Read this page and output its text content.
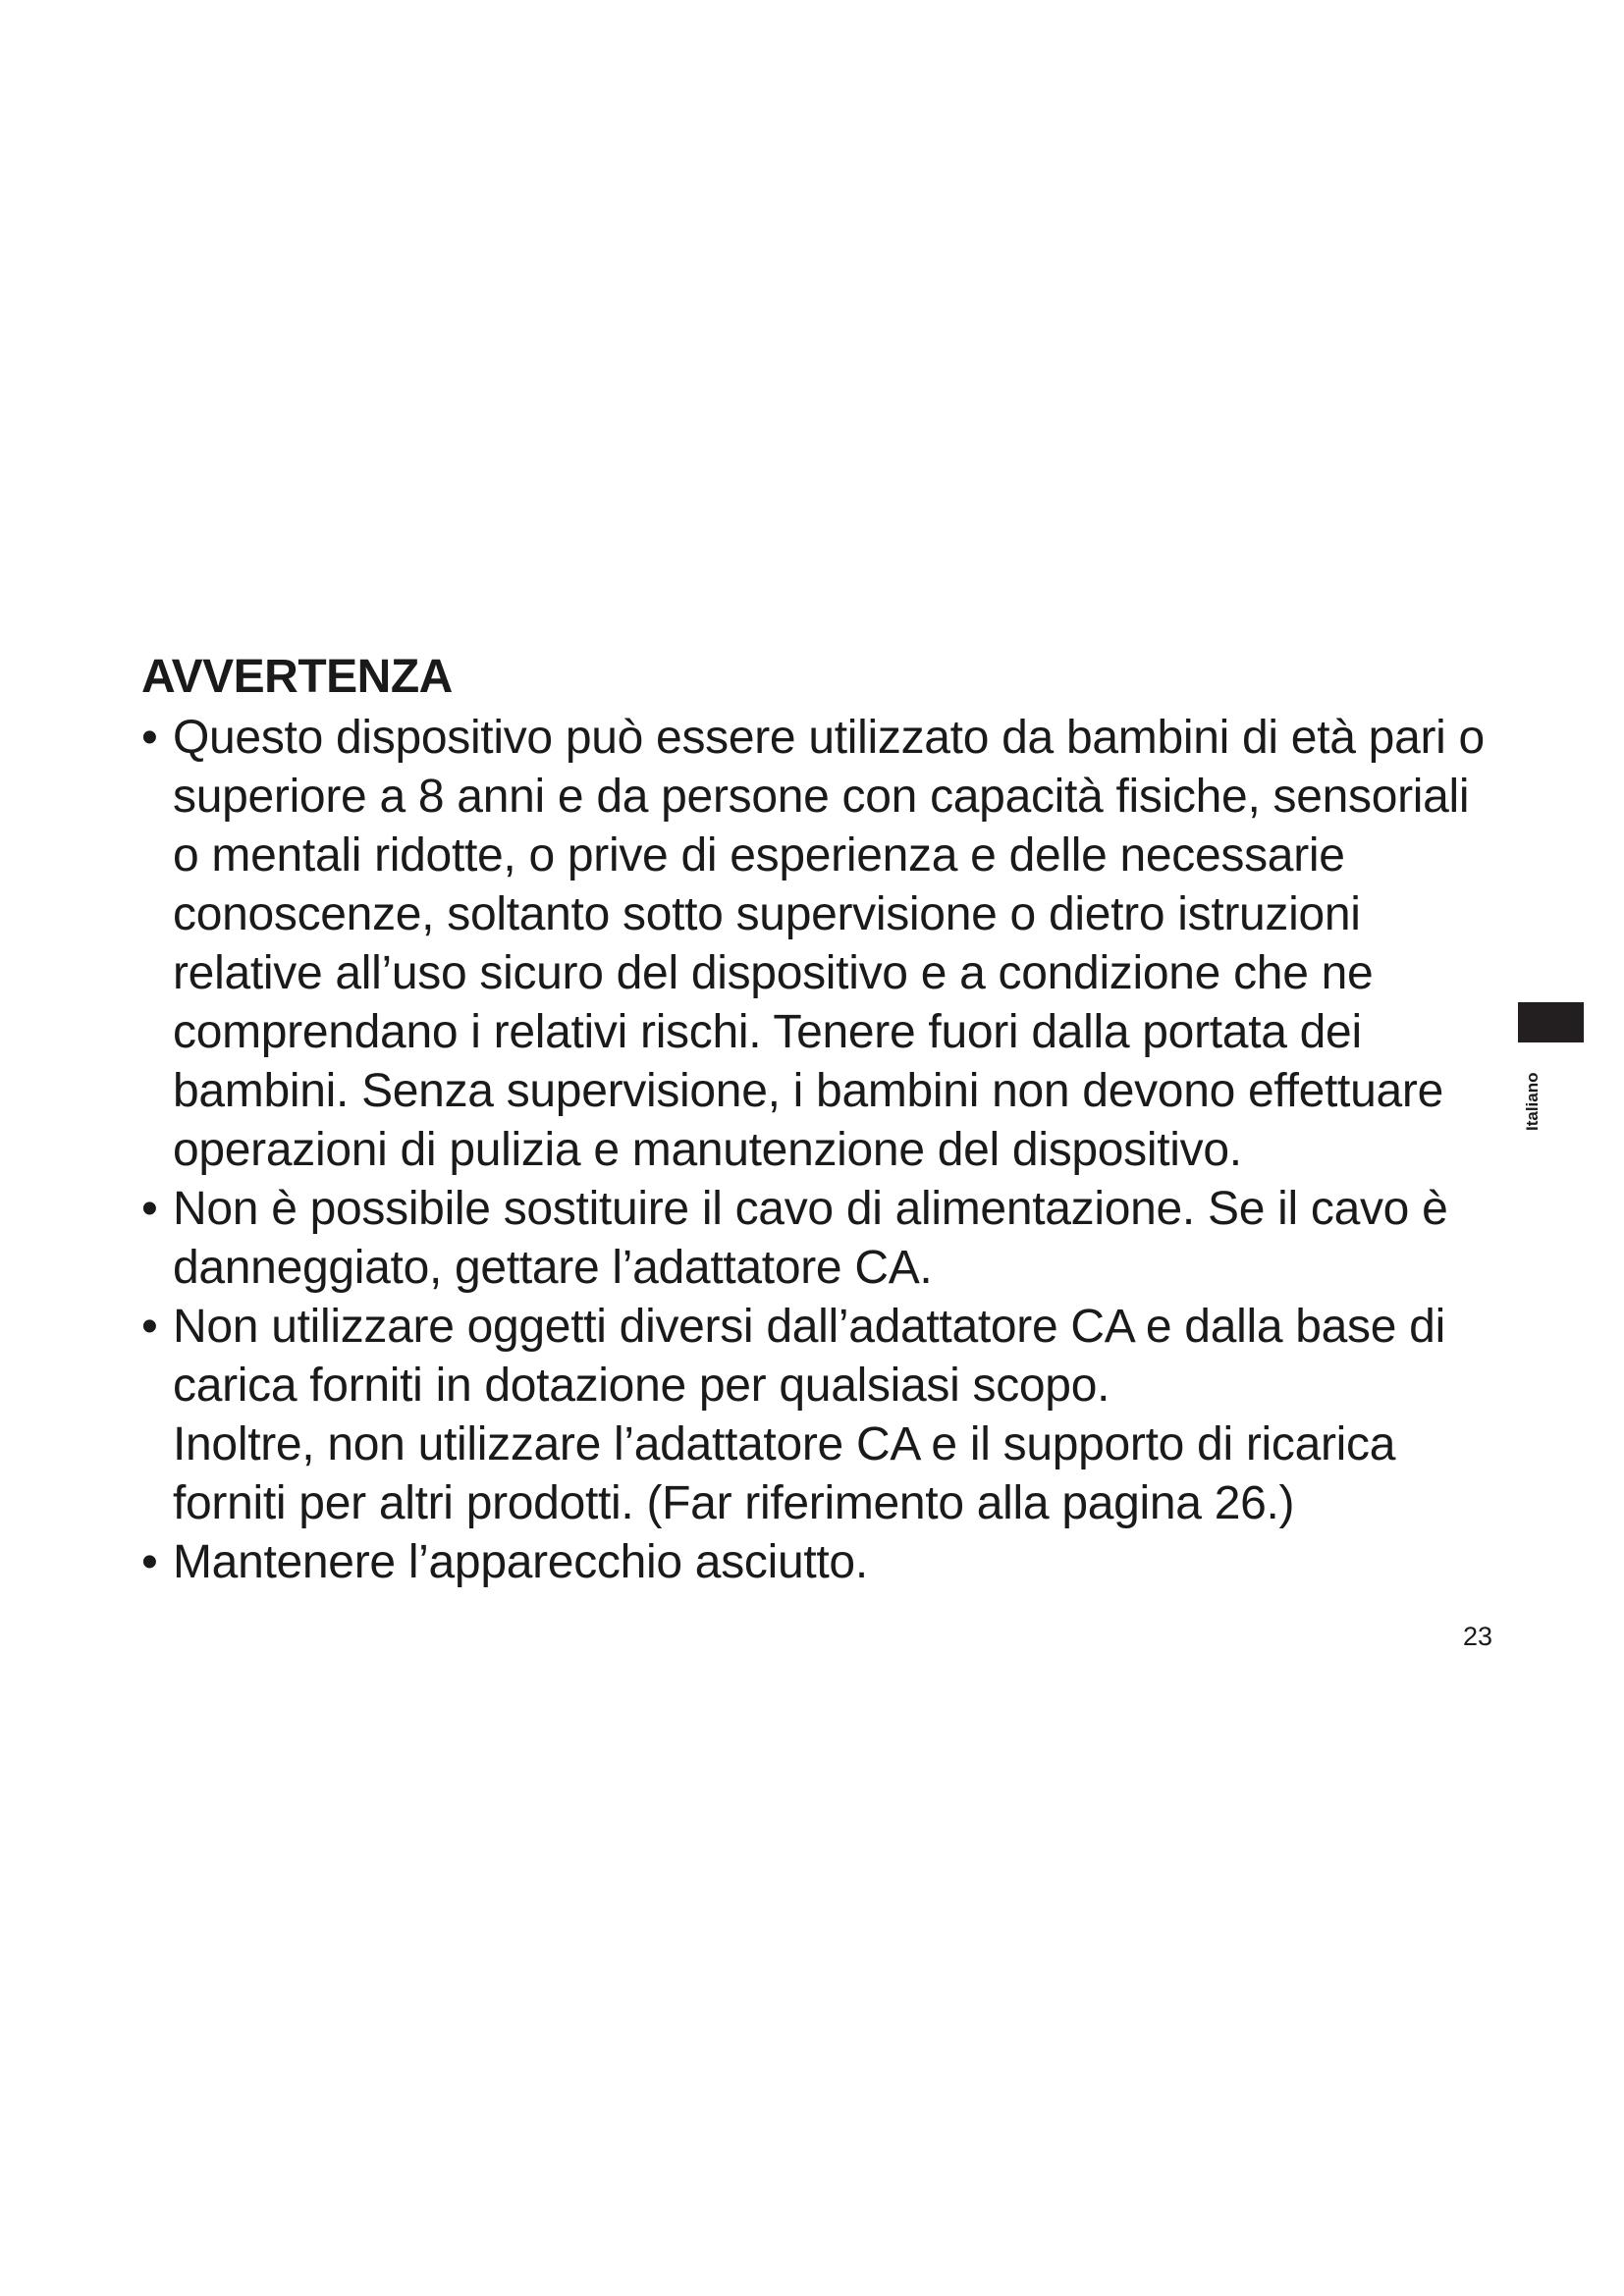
AVVERTENZA
• Questo dispositivo può essere utilizzato da bambini di età pari o superiore a 8 anni e da persone con capacità fisiche, sensoriali o mentali ridotte, o prive di esperienza e delle necessarie conoscenze, soltanto sotto supervisione o dietro istruzioni relative all’uso sicuro del dispositivo e a condizione che ne comprendano i relativi rischi. Tenere fuori dalla portata dei bambini. Senza supervisione, i bambini non devono effettuare operazioni di pulizia e manutenzione del dispositivo.

• Non è possibile sostituire il cavo di alimentazione. Se il cavo è danneggiato, gettare l’adattatore CA.

• Non utilizzare oggetti diversi dall’adattatore CA e dalla base di carica forniti in dotazione per qualsiasi scopo.

Inoltre, non utilizzare l’adattatore CA e il supporto di ricarica forniti per altri prodotti. (Far riferimento alla pagina 26.)

• Mantenere l’apparecchio asciutto.

Italiano
23
